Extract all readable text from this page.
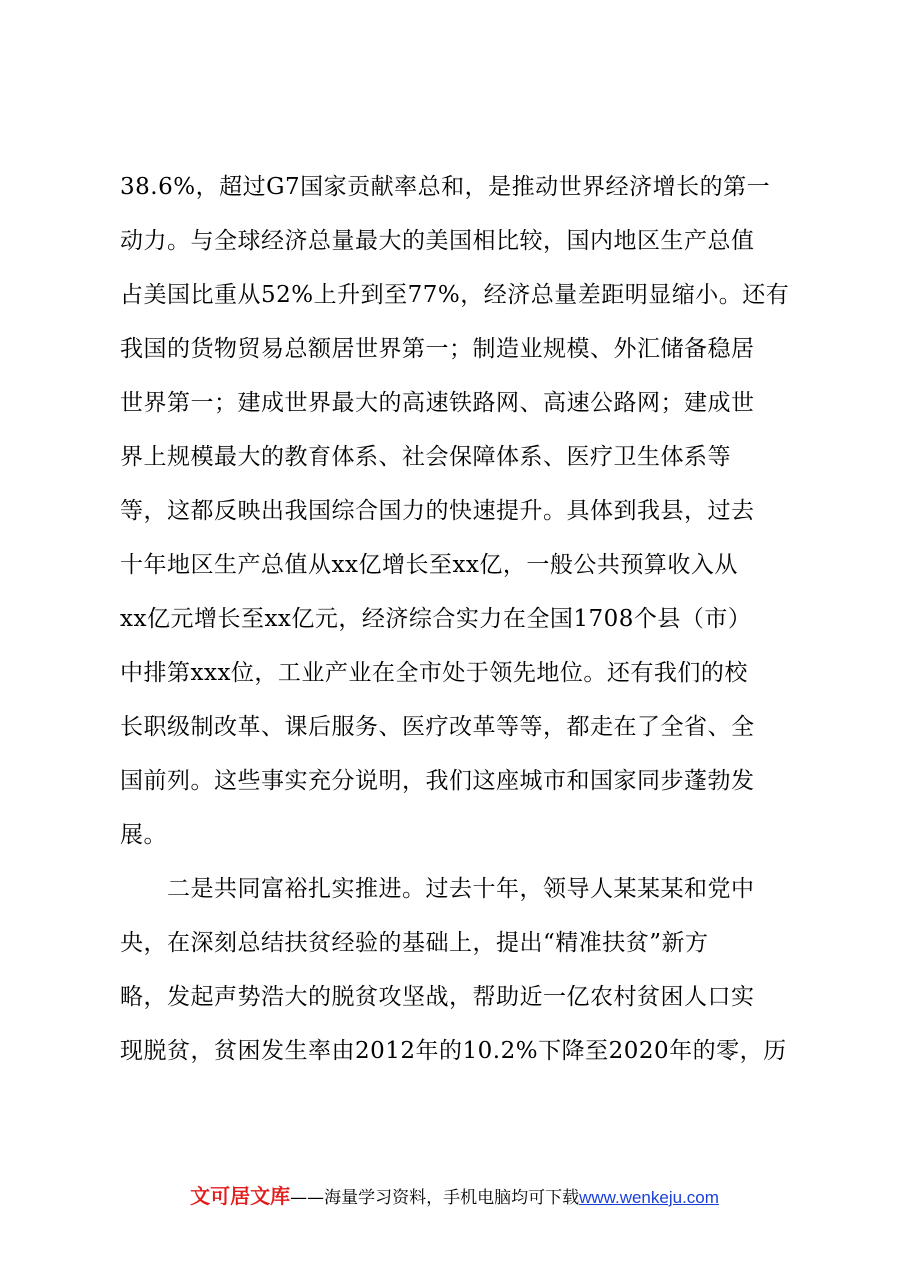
38.6%，超过G7国家贡献率总和，是推动世界经济增长的第一
动力。与全球经济总量最大的美国相比较，国内地区生产总值
占美国比重从52%上升到至77%，经济总量差距明显缩小。还有
我国的货物贸易总额居世界第一；制造业规模、外汇储备稳居
世界第一；建成世界最大的高速铁路网、高速公路网；建成世
界上规模最大的教育体系、社会保障体系、医疗卫生体系等
等，这都反映出我国综合国力的快速提升。具体到我县，过去
十年地区生产总值从xx亿增长至xx亿，一般公共预算收入从
xx亿元增长至xx亿元，经济综合实力在全国1708个县（市）
中排第xxx位，工业产业在全市处于领先地位。还有我们的校
长职级制改革、课后服务、医疗改革等等，都走在了全省、全
国前列。这些事实充分说明，我们这座城市和国家同步蓬勃发
展。
　　二是共同富裕扎实推进。过去十年，领导人某某某和党中
央，在深刻总结扶贫经验的基础上，提出“精准扶贫”新方
略，发起声势浩大的脱贫攻坚战，帮助近一亿农村贫困人口实
现脱贫，贫困发生率由2012年的10.2%下降至2020年的零，历
文可居文库——海量学习资料，手机电脑均可下载www.wenkeju.com
